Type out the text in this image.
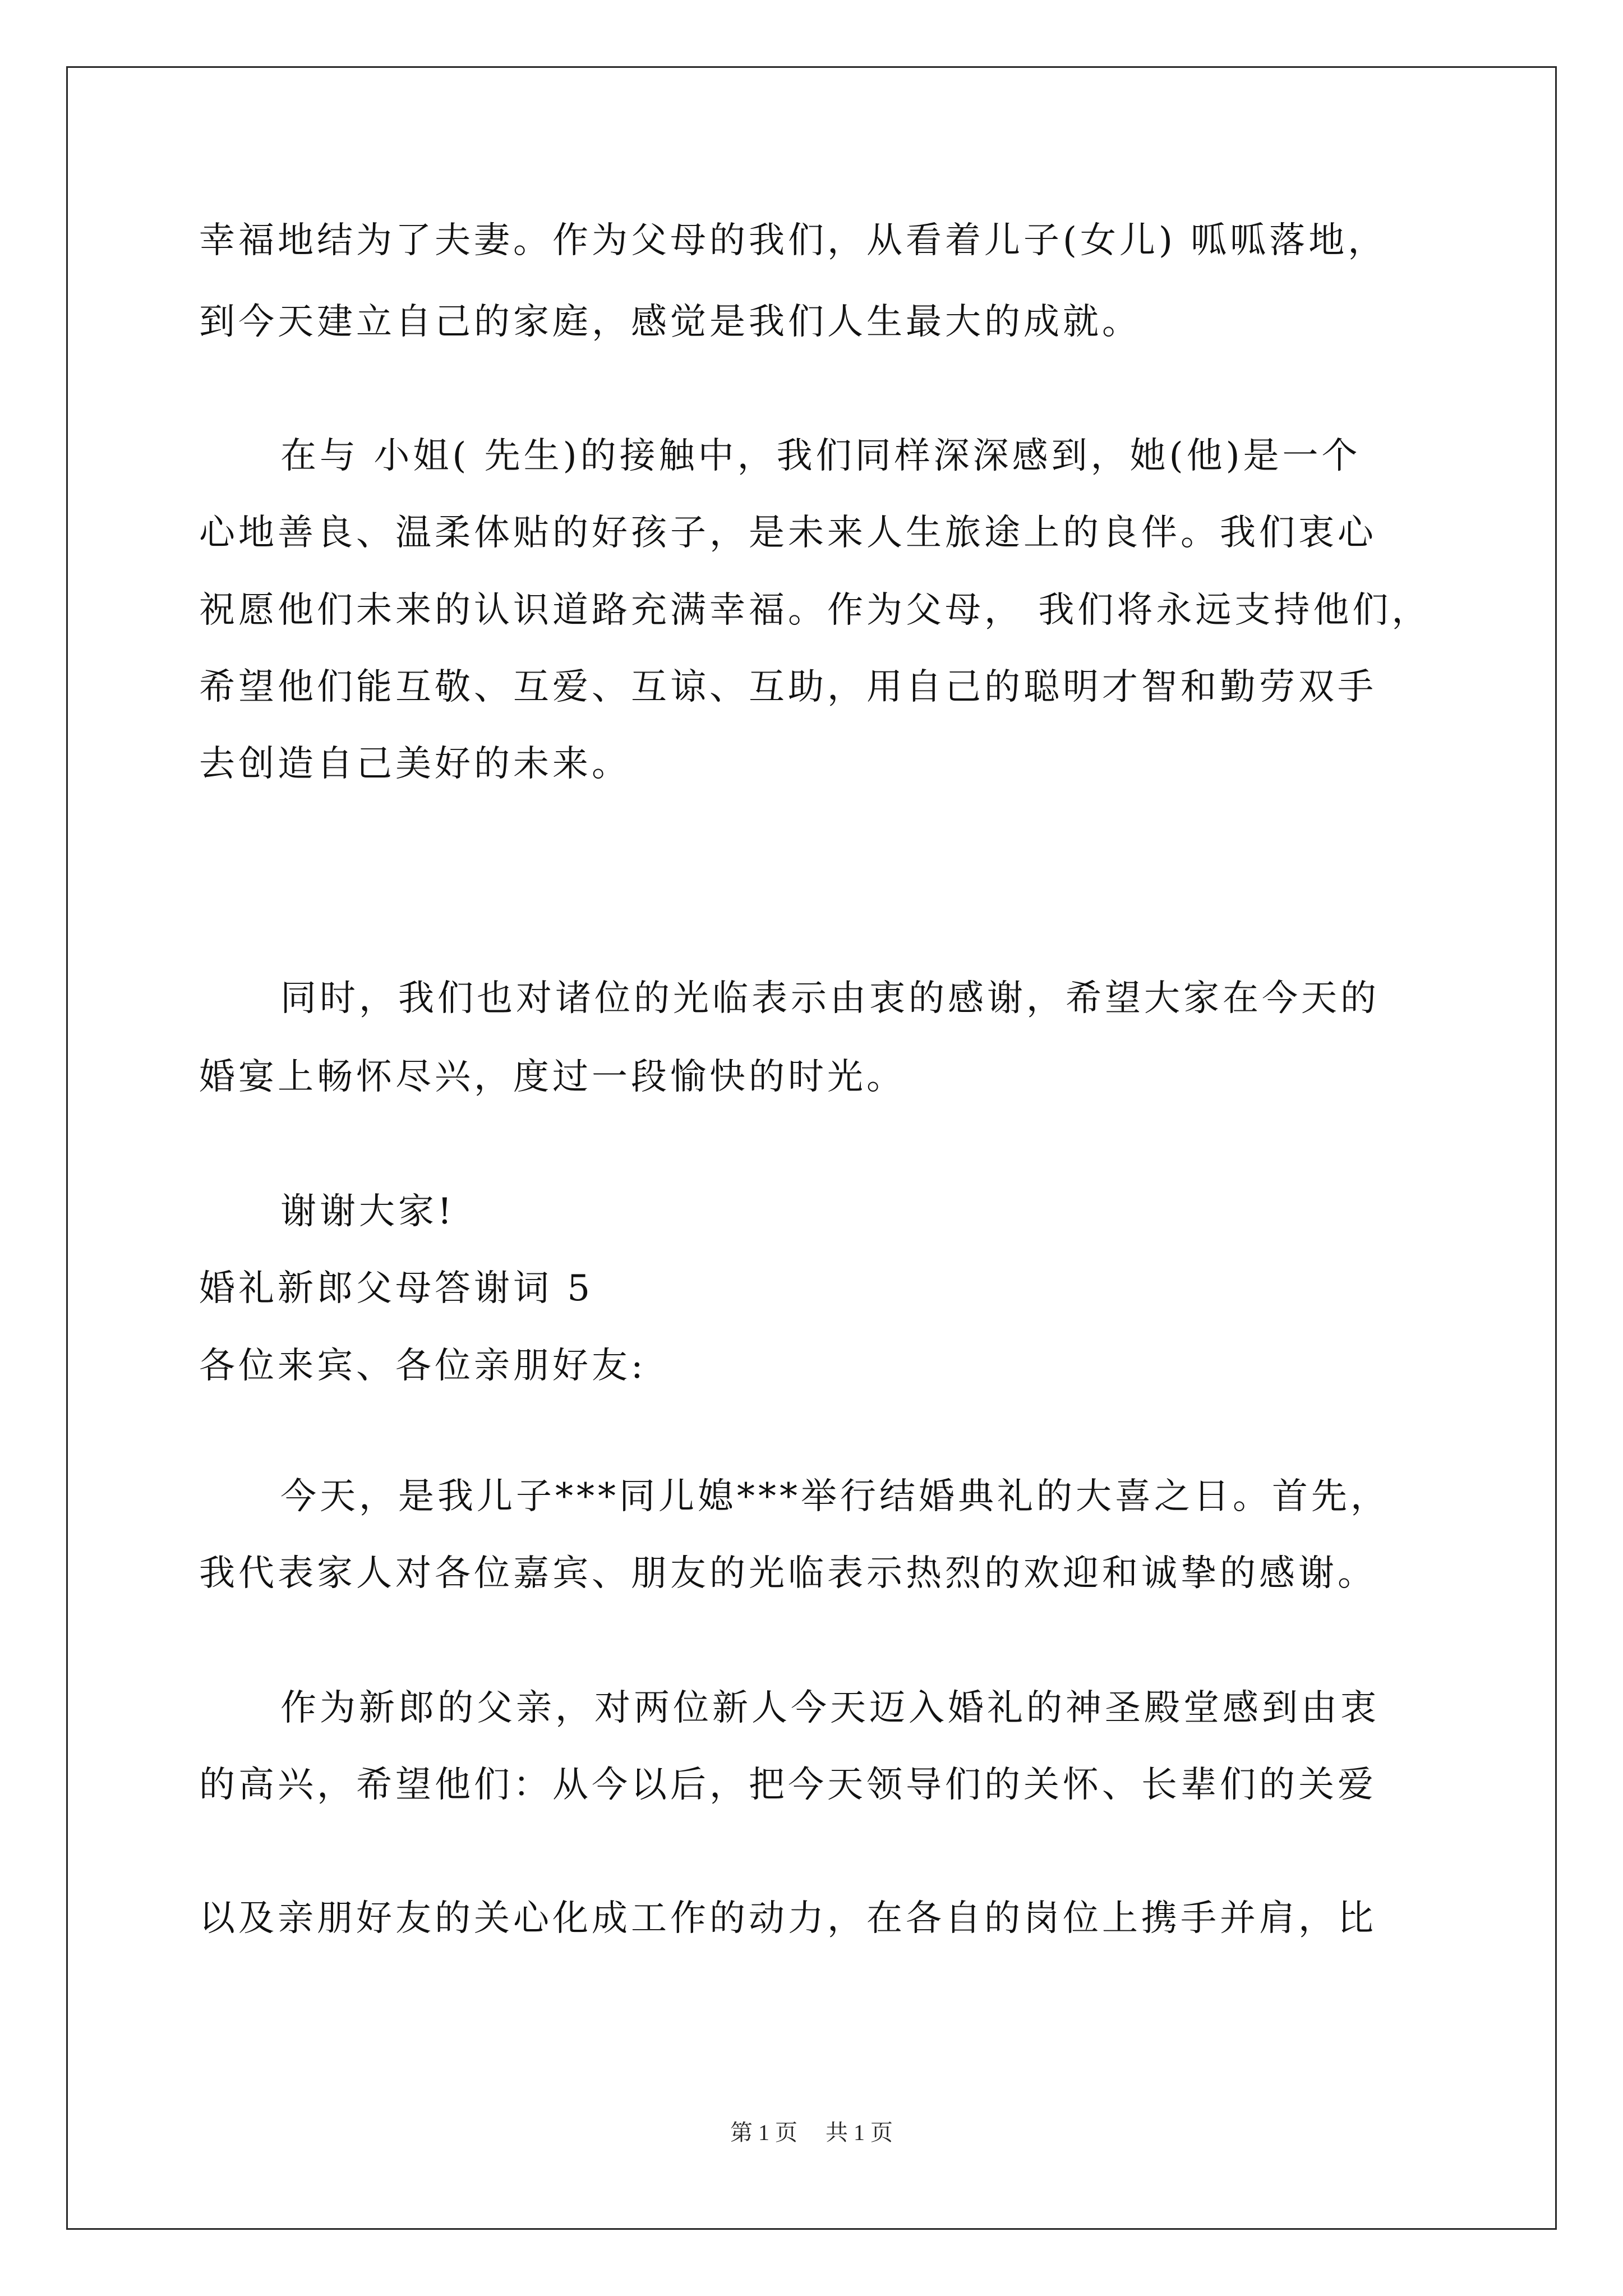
幸福地结为了夫妻。作为父母的我们，从看着儿子(女儿) 呱呱落地，

到今天建立自己的家庭，感觉是我们人生最大的成就。

在与 小姐( 先生)的接触中，我们同样深深感到，她(他)是一个

心地善良、温柔体贴的好孩子，是未来人生旅途上的良伴。我们衷心

祝愿他们未来的认识道路充满幸福。作为父母， 我们将永远支持他们，

希望他们能互敬、互爱、互谅、互助，用自己的聪明才智和勤劳双手

去创造自己美好的未来。

同时，我们也对诸位的光临表示由衷的感谢，希望大家在今天的

婚宴上畅怀尽兴，度过一段愉快的时光。

谢谢大家!

婚礼新郎父母答谢词 5

各位来宾、各位亲朋好友:

今天，是我儿子***同儿媳***举行结婚典礼的大喜之日。首先，

我代表家人对各位嘉宾、朋友的光临表示热烈的欢迎和诚挚的感谢。

作为新郎的父亲，对两位新人今天迈入婚礼的神圣殿堂感到由衷

的高兴，希望他们：从今以后，把今天领导们的关怀、长辈们的关爱

以及亲朋好友的关心化成工作的动力，在各自的岗位上携手并肩，比

第 1 页 共 1 页
